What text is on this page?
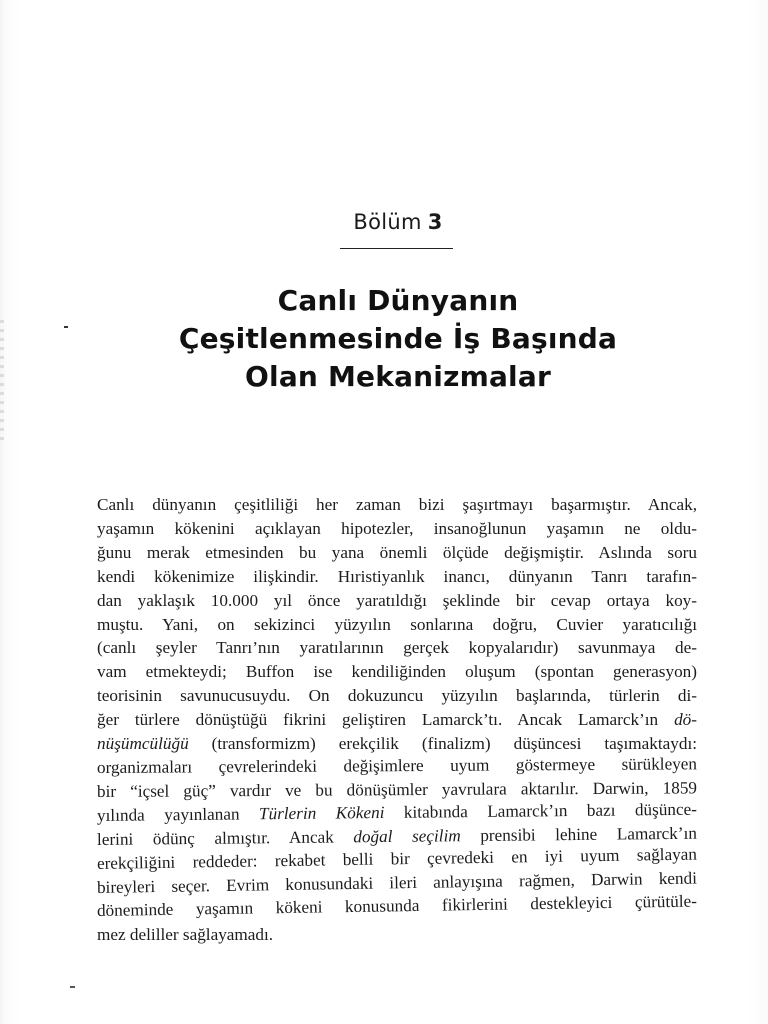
Bölüm 3
Canlı Dünyanın
Çeşitlenmesinde İş Başında
Olan Mekanizmalar
Canlı dünyanın çeşitliliği her zaman bizi şaşırtmayı başarmıştır. Ancak,
yaşamın kökenini açıklayan hipotezler, insanoğlunun yaşamın ne oldu-
ğunu merak etmesinden bu yana önemli ölçüde değişmiştir. Aslında soru
kendi kökenimize ilişkindir. Hıristiyanlık inancı, dünyanın Tanrı tarafın-
dan yaklaşık 10.000 yıl önce yaratıldığı şeklinde bir cevap ortaya koy-
muştu. Yani, on sekizinci yüzyılın sonlarına doğru, Cuvier yaratıcılığı
(canlı şeyler Tanrı’nın yaratılarının gerçek kopyalarıdır) savunmaya de-
vam etmekteydi; Buffon ise kendiliğinden oluşum (spontan generasyon)
teorisinin savunucusuydu. On dokuzuncu yüzyılın başlarında, türlerin di-
ğer türlere dönüştüğü fikrini geliştiren Lamarck’tı. Ancak Lamarck’ın dö-
nüşümcülüğü (transformizm) erekçilik (finalizm) düşüncesi taşımaktaydı:
organizmaları çevrelerindeki değişimlere uyum göstermeye sürükleyen
bir “içsel güç” vardır ve bu dönüşümler yavrulara aktarılır. Darwin, 1859
yılında yayınlanan Türlerin Kökeni kitabında Lamarck’ın bazı düşünce-
lerini ödünç almıştır. Ancak doğal seçilim prensibi lehine Lamarck’ın
erekçiliğini reddeder: rekabet belli bir çevredeki en iyi uyum sağlayan
bireyleri seçer. Evrim konusundaki ileri anlayışına rağmen, Darwin kendi
döneminde yaşamın kökeni konusunda fikirlerini destekleyici çürütüle-
mez deliller sağlayamadı.
